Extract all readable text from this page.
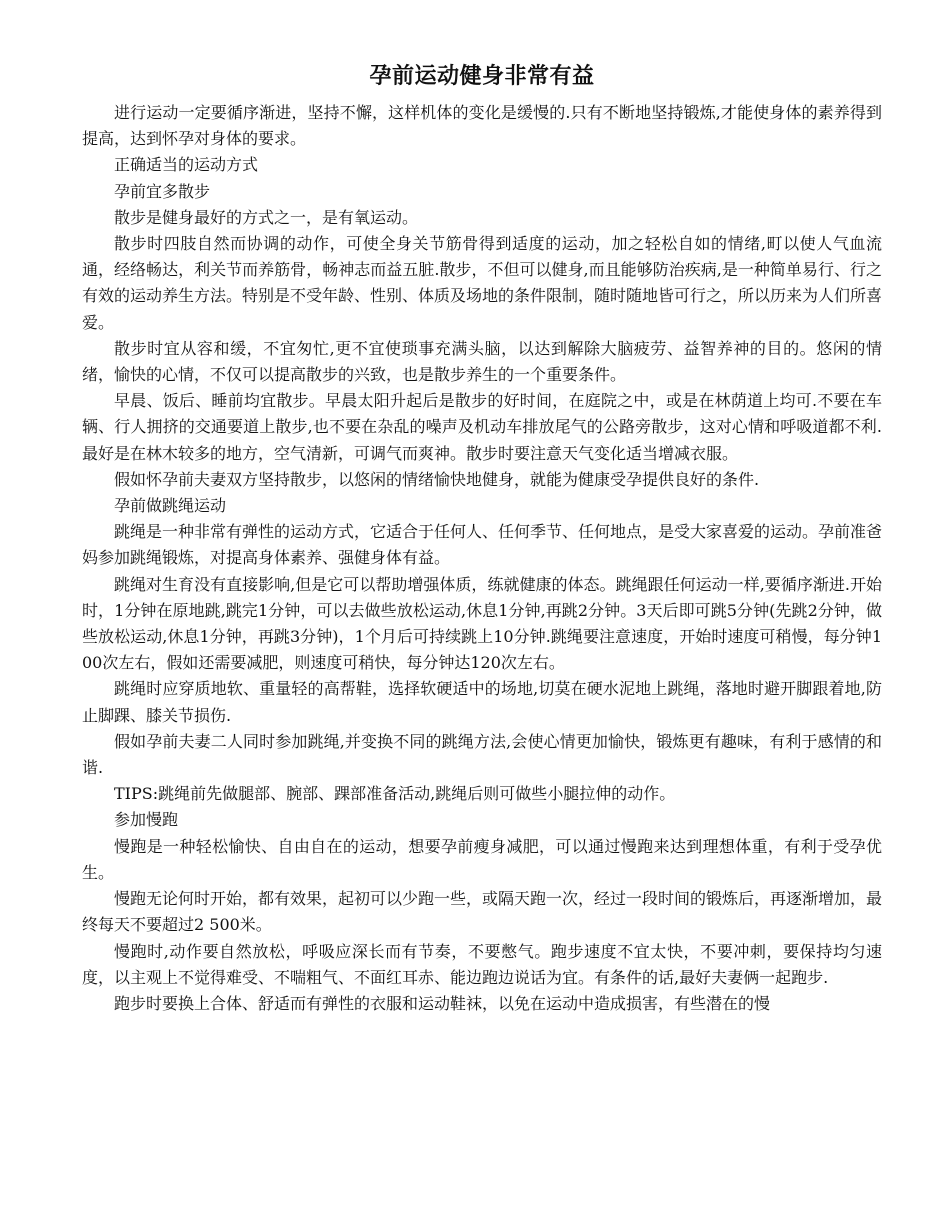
孕前运动健身非常有益

进行运动一定要循序渐进，坚持不懈，这样机体的变化是缓慢的.只有不断地坚持锻炼,才能使身体的素养得到提高，达到怀孕对身体的要求。

正确适当的运动方式

孕前宜多散步

散步是健身最好的方式之一，是有氧运动。

散步时四肢自然而协调的动作，可使全身关节筋骨得到适度的运动，加之轻松自如的情绪,町以使人气血流通，经络畅达，利关节而养筋骨，畅神志而益五脏.散步，不但可以健身,而且能够防治疾病,是一种简单易行、行之有效的运动养生方法。特别是不受年龄、性别、体质及场地的条件限制，随时随地皆可行之，所以历来为人们所喜爱。

散步时宜从容和缓，不宜匆忙,更不宜使琐事充满头脑，以达到解除大脑疲劳、益智养神的目的。悠闲的情绪，愉快的心情，不仅可以提高散步的兴致，也是散步养生的一个重要条件。

早晨、饭后、睡前均宜散步。早晨太阳升起后是散步的好时间，在庭院之中，或是在林荫道上均可.不要在车辆、行人拥挤的交通要道上散步,也不要在杂乱的噪声及机动车排放尾气的公路旁散步，这对心情和呼吸道都不利.最好是在林木较多的地方，空气清新，可调气而爽神。散步时要注意天气变化适当增减衣服。

假如怀孕前夫妻双方坚持散步，以悠闲的情绪愉快地健身，就能为健康受孕提供良好的条件.

孕前做跳绳运动

跳绳是一种非常有弹性的运动方式，它适合于任何人、任何季节、任何地点，是受大家喜爱的运动。孕前准爸妈参加跳绳锻炼，对提高身体素养、强健身体有益。

跳绳对生育没有直接影响,但是它可以帮助增强体质，练就健康的体态。跳绳跟任何运动一样,要循序渐进.开始时，1分钟在原地跳,跳完1分钟，可以去做些放松运动,休息1分钟,再跳2分钟。3天后即可跳5分钟(先跳2分钟，做些放松运动,休息1分钟，再跳3分钟)，1个月后可持续跳上10分钟.跳绳要注意速度，开始时速度可稍慢，每分钟100次左右，假如还需要减肥，则速度可稍快，每分钟达120次左右。

跳绳时应穿质地软、重量轻的高帮鞋，选择软硬适中的场地,切莫在硬水泥地上跳绳，落地时避开脚跟着地,防止脚踝、膝关节损伤.

假如孕前夫妻二人同时参加跳绳,并变换不同的跳绳方法,会使心情更加愉快，锻炼更有趣味，有利于感情的和谐.

TIPS:跳绳前先做腿部、腕部、踝部准备活动,跳绳后则可做些小腿拉伸的动作。

参加慢跑

慢跑是一种轻松愉快、自由自在的运动，想要孕前瘦身减肥，可以通过慢跑来达到理想体重，有利于受孕优生。

慢跑无论何时开始，都有效果，起初可以少跑一些，或隔天跑一次，经过一段时间的锻炼后，再逐渐增加，最终每天不要超过2 500米。

慢跑时,动作要自然放松，呼吸应深长而有节奏，不要憋气。跑步速度不宜太快，不要冲刺，要保持均匀速度，以主观上不觉得难受、不喘粗气、不面红耳赤、能边跑边说话为宜。有条件的话,最好夫妻俩一起跑步.

跑步时要换上合体、舒适而有弹性的衣服和运动鞋袜，以免在运动中造成损害，有些潜在的慢
